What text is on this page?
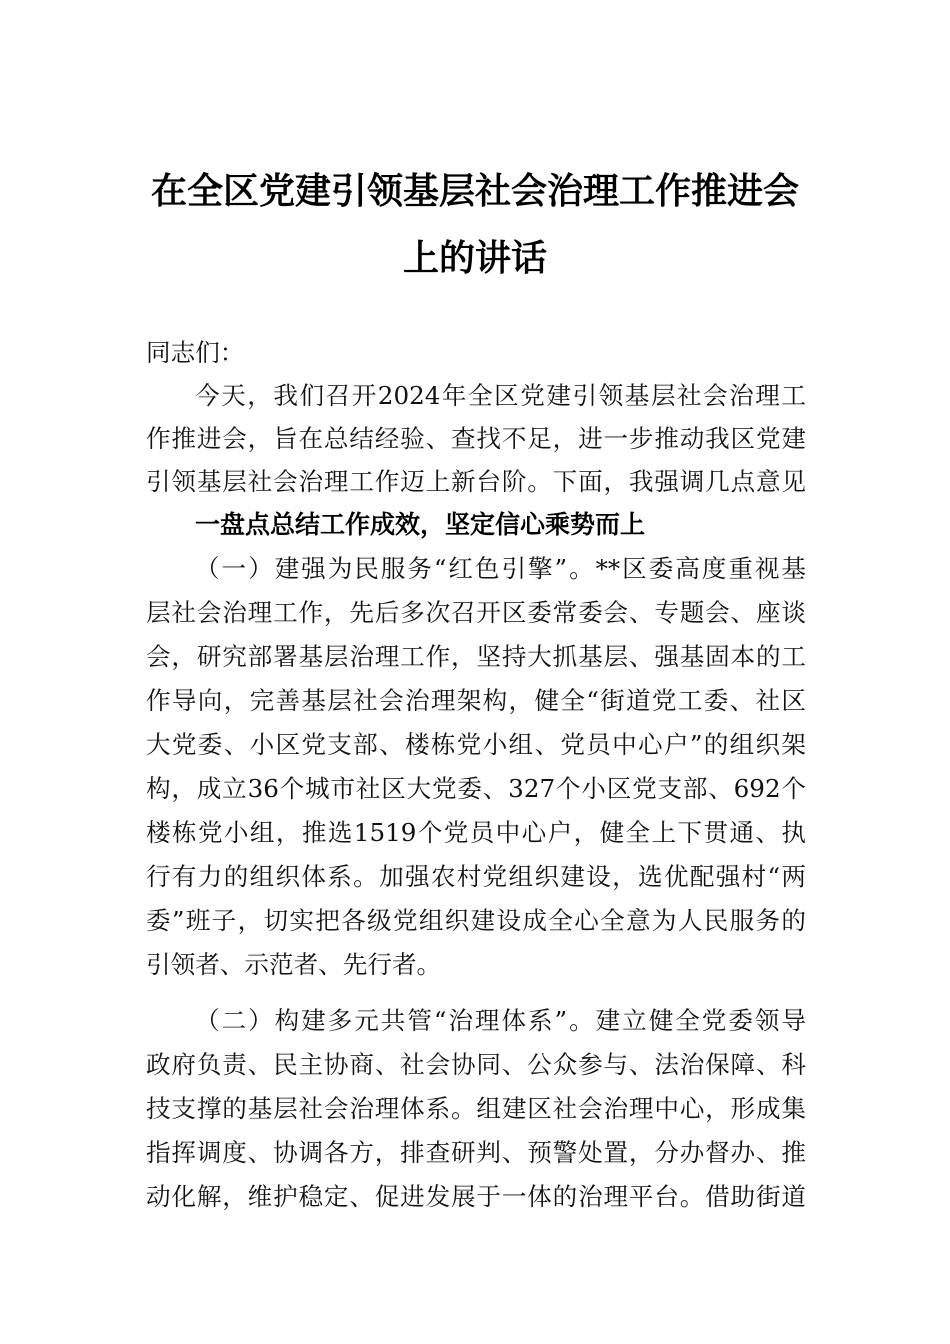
在全区党建引领基层社会治理工作推进会
上的讲话
同志们：
今天，我们召开2024年全区党建引领基层社会治理工
作推进会，旨在总结经验、查找不足，进一步推动我区党建
引领基层社会治理工作迈上新台阶。下面，我强调几点意见
一盘点总结工作成效，坚定信心乘势而上
（一）建强为民服务“红色引擎”。**区委高度重视基
层社会治理工作，先后多次召开区委常委会、专题会、座谈
会，研究部署基层治理工作，坚持大抓基层、强基固本的工
作导向，完善基层社会治理架构，健全“街道党工委、社区
大党委、小区党支部、楼栋党小组、党员中心户”的组织架
构，成立36个城市社区大党委、327个小区党支部、692个
楼栋党小组，推选1519个党员中心户，健全上下贯通、执
行有力的组织体系。加强农村党组织建设，选优配强村“两
委”班子，切实把各级党组织建设成全心全意为人民服务的
引领者、示范者、先行者。
（二）构建多元共管“治理体系”。建立健全党委领导
政府负责、民主协商、社会协同、公众参与、法治保障、科
技支撑的基层社会治理体系。组建区社会治理中心，形成集
指挥调度、协调各方，排查研判、预警处置，分办督办、推
动化解，维护稳定、促进发展于一体的治理平台。借助街道
